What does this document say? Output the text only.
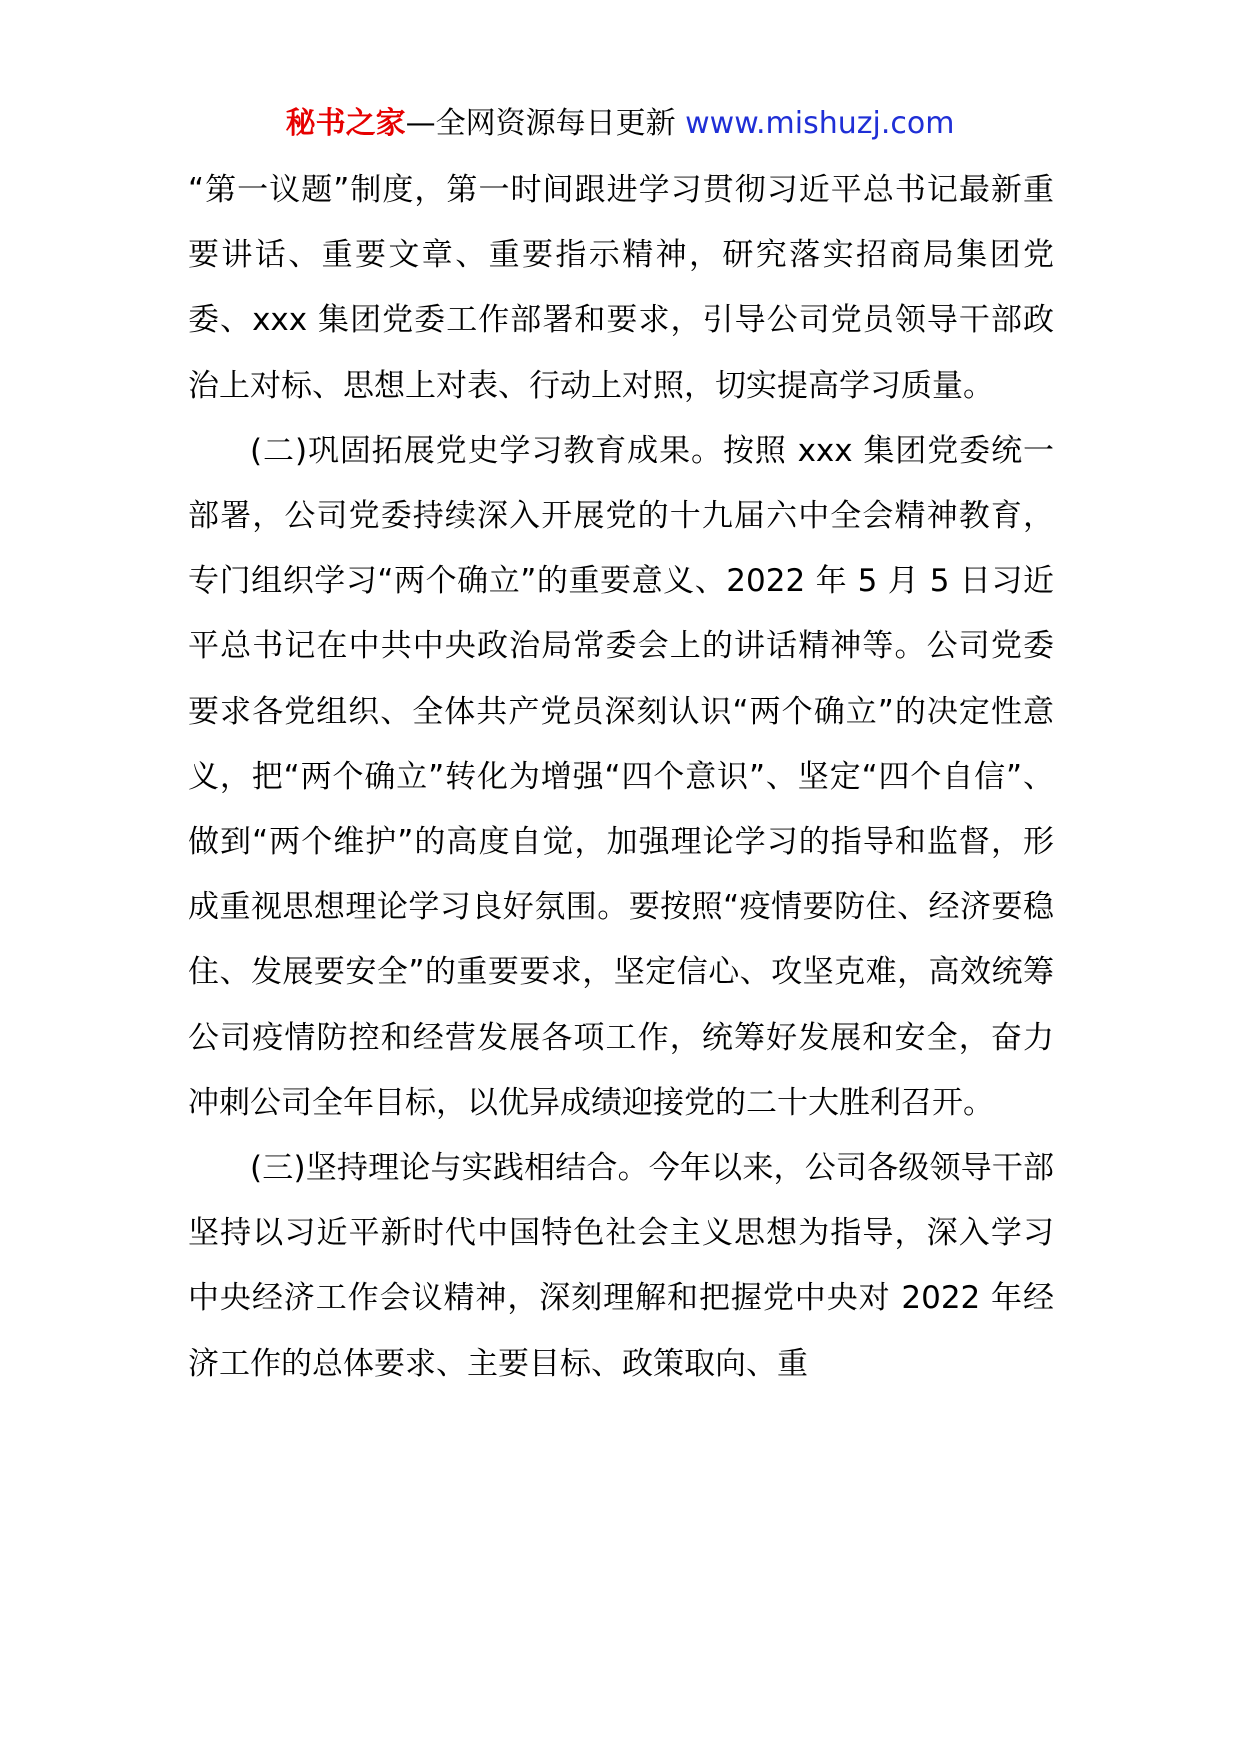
秘书之家—全网资源每日更新 www.mishuzj.com

“第一议题”制度，第一时间跟进学习贯彻习近平总书记最新重要讲话、重要文章、重要指示精神，研究落实招商局集团党委、xxx 集团党委工作部署和要求，引导公司党员领导干部政治上对标、思想上对表、行动上对照，切实提高学习质量。

(二)巩固拓展党史学习教育成果。按照 xxx 集团党委统一部署，公司党委持续深入开展党的十九届六中全会精神教育，专门组织学习“两个确立”的重要意义、2022 年 5 月 5 日习近平总书记在中共中央政治局常委会上的讲话精神等。公司党委要求各党组织、全体共产党员深刻认识“两个确立”的决定性意义，把“两个确立”转化为增强“四个意识”、坚定“四个自信”、做到“两个维护”的高度自觉，加强理论学习的指导和监督，形成重视思想理论学习良好氛围。要按照“疫情要防住、经济要稳住、发展要安全”的重要要求，坚定信心、攻坚克难，高效统筹公司疫情防控和经营发展各项工作，统筹好发展和安全，奋力冲刺公司全年目标，以优异成绩迎接党的二十大胜利召开。

(三)坚持理论与实践相结合。今年以来，公司各级领导干部坚持以习近平新时代中国特色社会主义思想为指导，深入学习中央经济工作会议精神，深刻理解和把握党中央对 2022 年经济工作的总体要求、主要目标、政策取向、重
